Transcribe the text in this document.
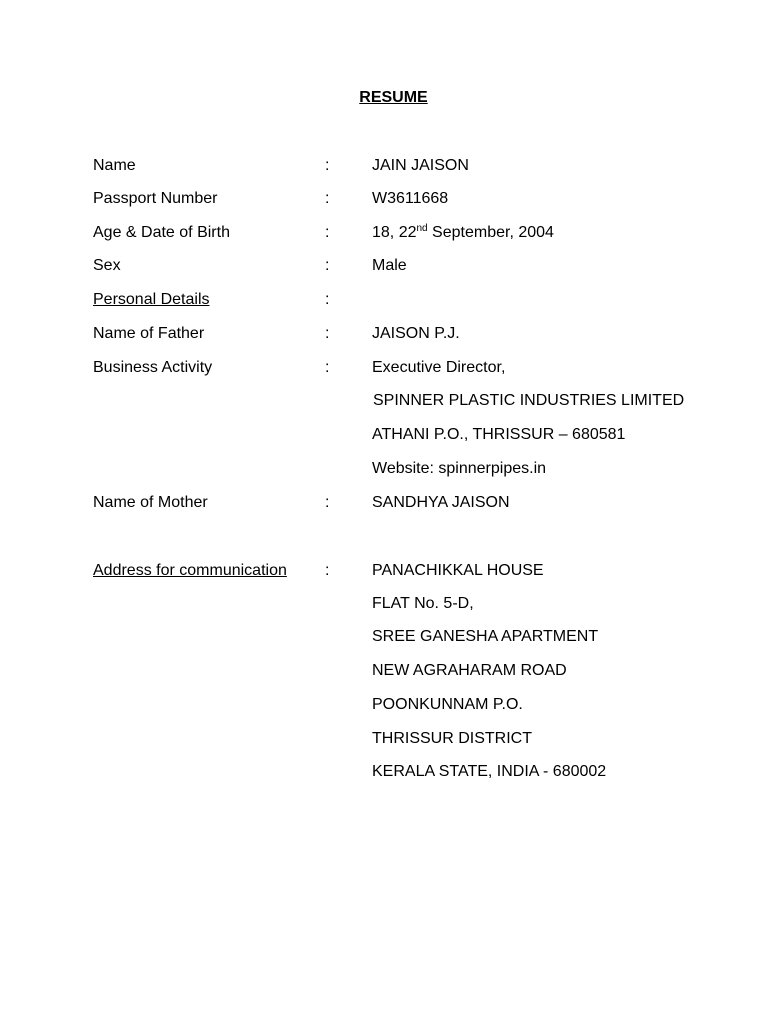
RESUME
Name	:	JAIN JAISON
Passport Number	:	W3611668
Age & Date of Birth	:	18, 22nd September, 2004
Sex	:	Male
Personal Details	:
Name of Father	:	JAISON P.J.
Business Activity	:	Executive Director,
SPINNER PLASTIC INDUSTRIES LIMITED
ATHANI P.O., THRISSUR – 680581
Website: spinnerpipes.in
Name of Mother	:	SANDHYA JAISON
Address for communication :	PANACHIKKAL HOUSE
FLAT No. 5-D,
SREE GANESHA APARTMENT
NEW AGRAHARAM ROAD
POONKUNNAM P.O.
THRISSUR DISTRICT
KERALA STATE, INDIA - 680002
